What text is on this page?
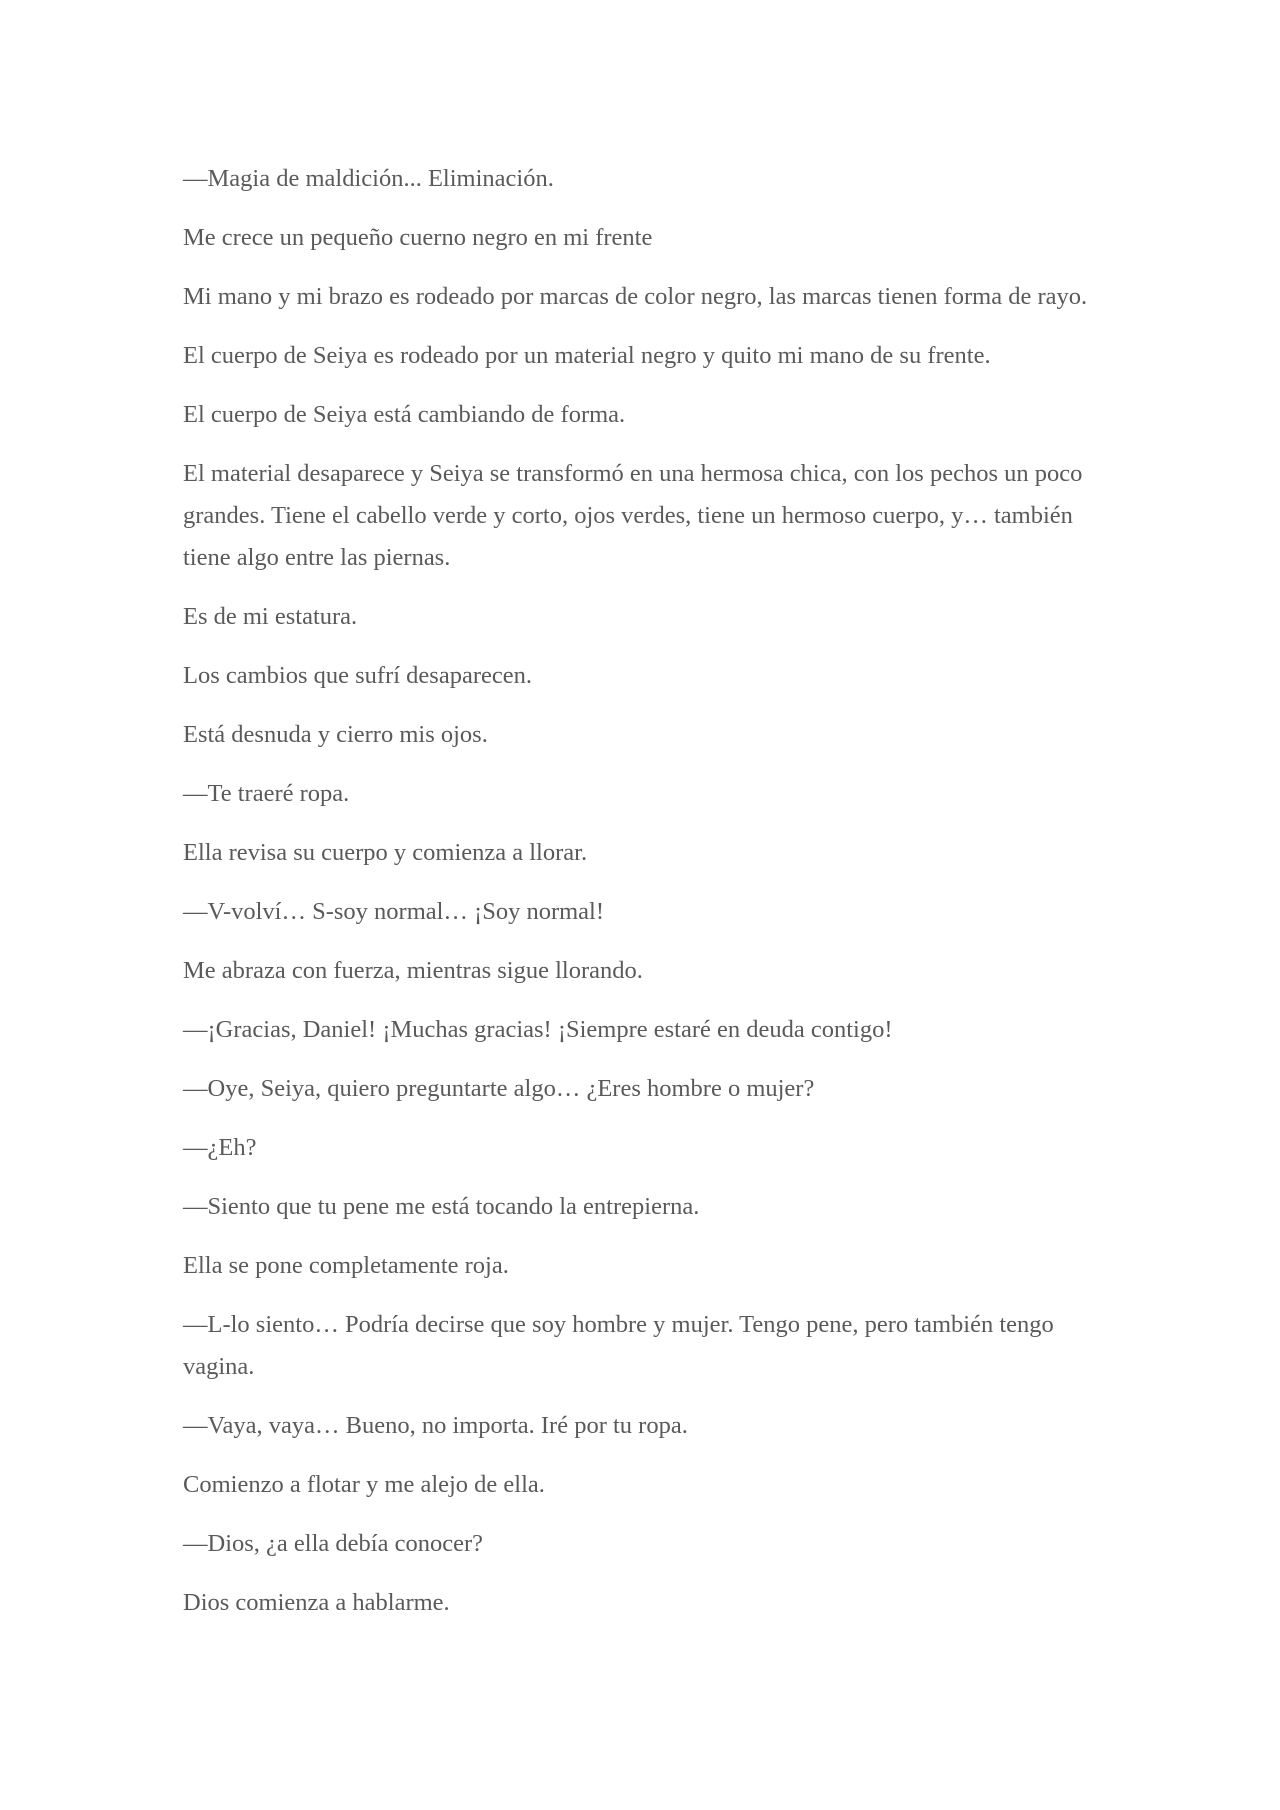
—Magia de maldición... Eliminación.

Me crece un pequeño cuerno negro en mi frente

Mi mano y mi brazo es rodeado por marcas de color negro, las marcas tienen forma de rayo.

El cuerpo de Seiya es rodeado por un material negro y quito mi mano de su frente.

El cuerpo de Seiya está cambiando de forma.

El material desaparece y Seiya se transformó en una hermosa chica, con los pechos un poco grandes. Tiene el cabello verde y corto, ojos verdes, tiene un hermoso cuerpo, y… también tiene algo entre las piernas.

Es de mi estatura.

Los cambios que sufrí desaparecen.

Está desnuda y cierro mis ojos.

—Te traeré ropa.

Ella revisa su cuerpo y comienza a llorar.

—V-volví… S-soy normal… ¡Soy normal!

Me abraza con fuerza, mientras sigue llorando.

—¡Gracias, Daniel! ¡Muchas gracias! ¡Siempre estaré en deuda contigo!

—Oye, Seiya, quiero preguntarte algo… ¿Eres hombre o mujer?

—¿Eh?

—Siento que tu pene me está tocando la entrepierna.

Ella se pone completamente roja.

—L-lo siento… Podría decirse que soy hombre y mujer. Tengo pene, pero también tengo vagina.

—Vaya, vaya… Bueno, no importa. Iré por tu ropa.

Comienzo a flotar y me alejo de ella.

—Dios, ¿a ella debía conocer?

Dios comienza a hablarme.
